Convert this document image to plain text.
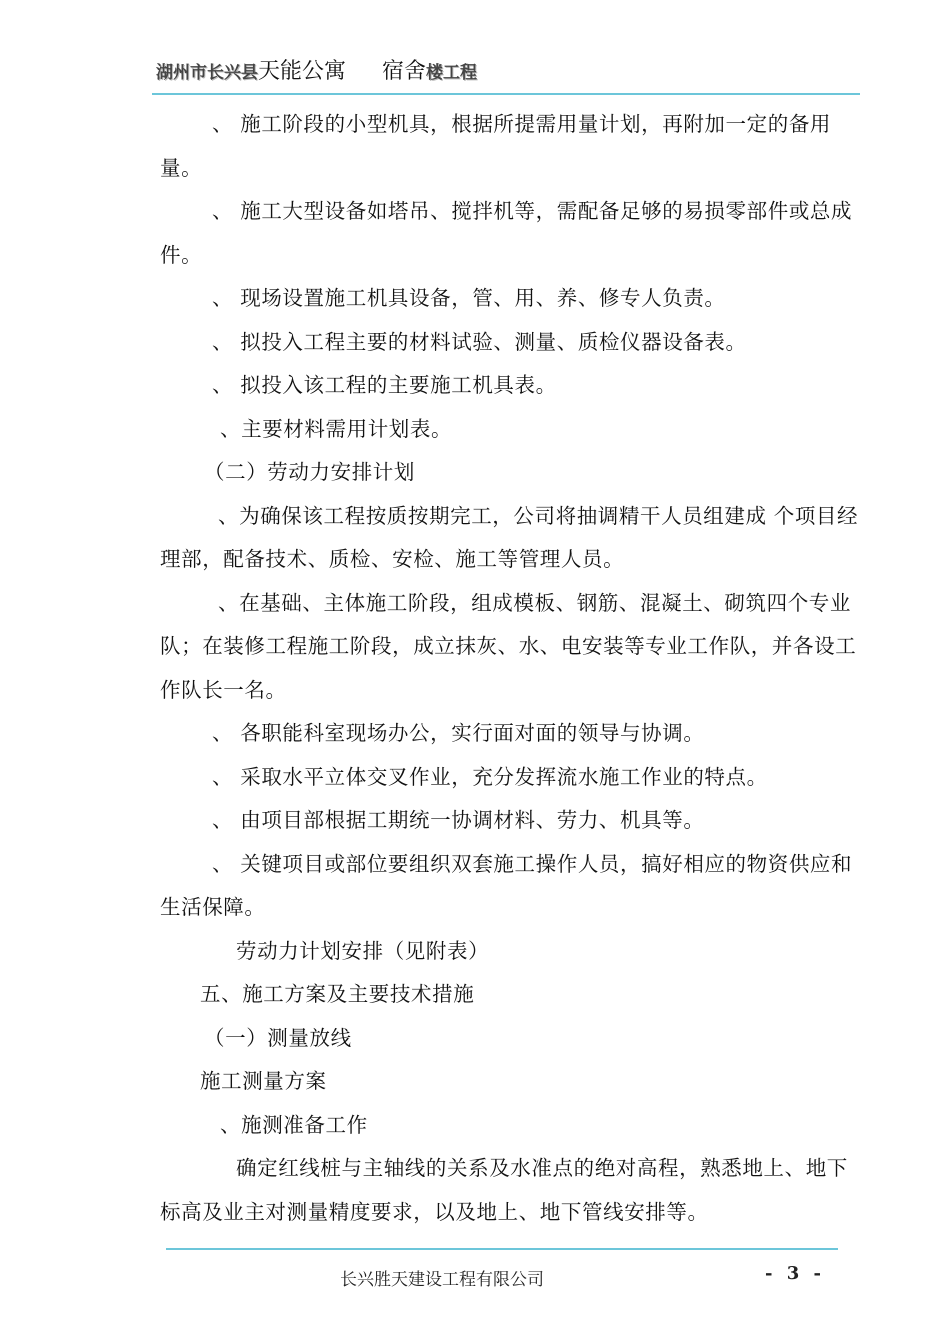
湖州市长兴县天能公寓 宿舍楼工程

、 施工阶段的小型机具，根据所提需用量计划，再附加一定的备用量。

、 施工大型设备如塔吊、搅拌机等，需配备足够的易损零部件或总成件。

、 现场设置施工机具设备，管、用、养、修专人负责。

、 拟投入工程主要的材料试验、测量、质检仪器设备表。

、 拟投入该工程的主要施工机具表。

、主要材料需用计划表。

（二）劳动力安排计划

、为确保该工程按质按期完工，公司将抽调精干人员组建成 个项目经理部，配备技术、质检、安检、施工等管理人员。

、在基础、主体施工阶段，组成模板、钢筋、混凝土、砌筑四个专业队；在装修工程施工阶段，成立抹灰、水、电安装等专业工作队，并各设工作队长一名。

、 各职能科室现场办公，实行面对面的领导与协调。

、 采取水平立体交叉作业，充分发挥流水施工作业的特点。

、 由项目部根据工期统一协调材料、劳力、机具等。

、 关键项目或部位要组织双套施工操作人员，搞好相应的物资供应和生活保障。

劳动力计划安排（见附表）

五、施工方案及主要技术措施

（一）测量放线

施工测量方案

、施测准备工作

确定红线桩与主轴线的关系及水准点的绝对高程，熟悉地上、地下标高及业主对测量精度要求，以及地上、地下管线安排等。

长兴胜天建设工程有限公司	- 3 -
